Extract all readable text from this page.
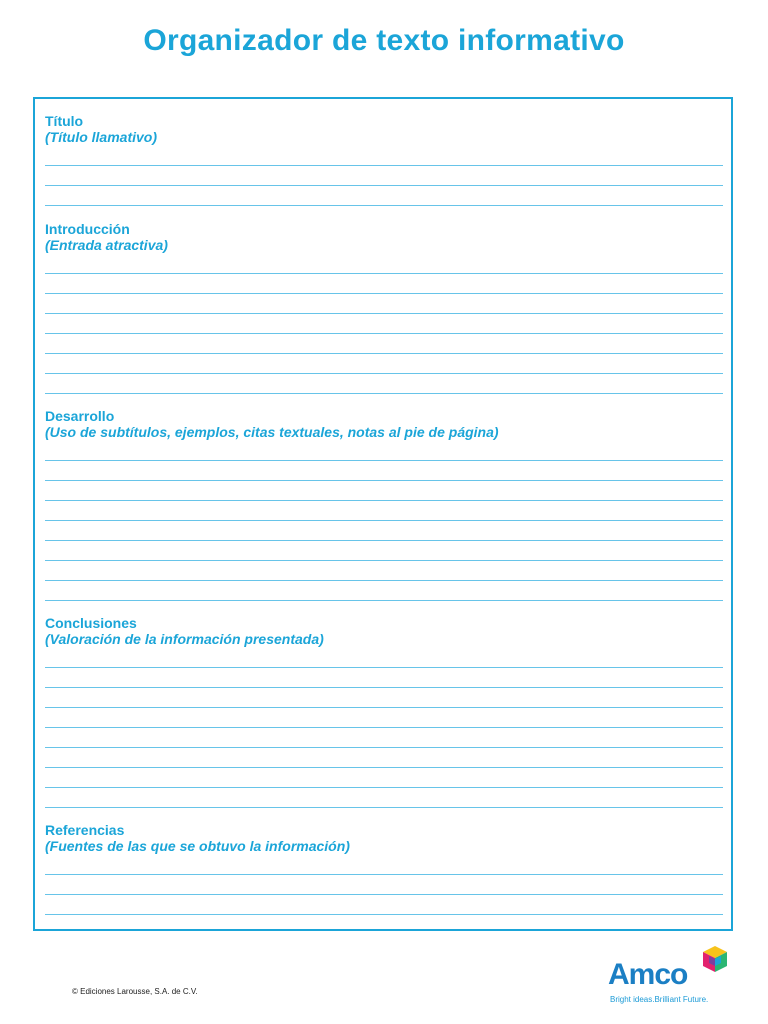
Organizador de texto informativo
Título
(Título llamativo)
Introducción
(Entrada atractiva)
Desarrollo
(Uso de subtítulos, ejemplos, citas textuales, notas al pie de página)
Conclusiones
(Valoración de la información presentada)
Referencias
(Fuentes de las que se obtuvo la información)
© Ediciones Larousse, S.A. de C.V.
Amco
Bright ideas.Brilliant Future.
